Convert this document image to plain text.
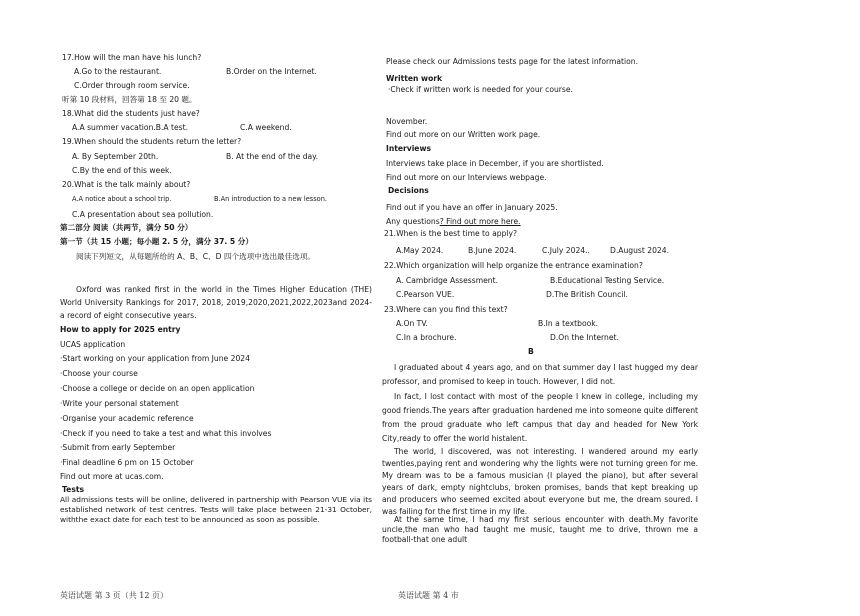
17.How will the man have his lunch?
A.Go to the restaurant.	B.Order on the Internet.
C.Order through room service.
听第 10 段材料，回答第 18 至 20 题。
18.What did the students just have?
A.A summer vacation.B.A test.	C.A weekend.
19.When should the students return the letter?
A. By September 20th.	B. At the end of the day.
C.By the end of this week.
20.What is the talk mainly about?
A.A notice about a school trip.	B.An introduction to a new lesson.
C.A presentation about sea pollution.
第二部分 阅读（共两节，满分 50 分）
第一节（共 15 小题；每小题 2. 5 分，满分 37. 5 分）
阅读下列短文，从每题所给的 A、B、C、D 四个选项中选出最佳选项。
Oxford was ranked first in the world in the Times Higher Education (THE) World University Rankings for 2017, 2018, 2019,2020,2021,2022,2023and 2024-a record of eight consecutive years.
How to apply for 2025 entry
UCAS application
·Start working on your application from June 2024
·Choose your course
·Choose a college or decide on an open application
·Write your personal statement
·Organise your academic reference
·Check if you need to take a test and what this involves
·Submit from early September
·Final deadline 6 pm on 15 October
Find out more at ucas.com.
Tests
All admissions tests will be online, delivered in partnership with Pearson VUE via its established network of test centres. Tests will take place between 21-31 October, withthe exact date for each test to be announced as soon as possible.
Please check our Admissions tests page for the latest information.
Written work
·Check if written work is needed for your course.
November.
Find out more on our Written work page.
Interviews
Interviews take place in December, if you are shortlisted.
Find out more on our Interviews webpage.
Decisions
Find out if you have an offer in January 2025.
Any questions? Find out more here.
21.When is the best time to apply?
A.May 2024.	B.June 2024.	C.July 2024..	D.August 2024.
22.Which organization will help organize the entrance examination?
A. Cambridge Assessment.	B.Educational Testing Service.
C.Pearson VUE.	D.The British Council.
23.Where can you find this text?
A.On TV.	B.In a textbook.
C.In a brochure.	D.On the Internet.
B
I graduated about 4 years ago, and on that summer day I last hugged my dear professor, and promised to keep in touch. However, I did not.
In fact, I lost contact with most of the people I knew in college, including my good friends.The years after graduation hardened me into someone quite different from the proud graduate who left campus that day and headed for New York City,ready to offer the world histalent.
The world, I discovered, was not interesting. I wandered around my early twenties,paying rent and wondering why the lights were not turning green for me. My dream was to be a famous musician (I played the piano), but after several years of dark, empty nightclubs, broken promises, bands that kept breaking up and producers who seemed excited about everyone but me, the dream soured. I was failing for the first time in my life.
At the same time, I had my first serious encounter with death.My favorite uncle,the man who had taught me music, taught me to drive, thrown me a football-that one adult
英语试题 第 3 页（共 12 页）	英语试题 第 4 市
